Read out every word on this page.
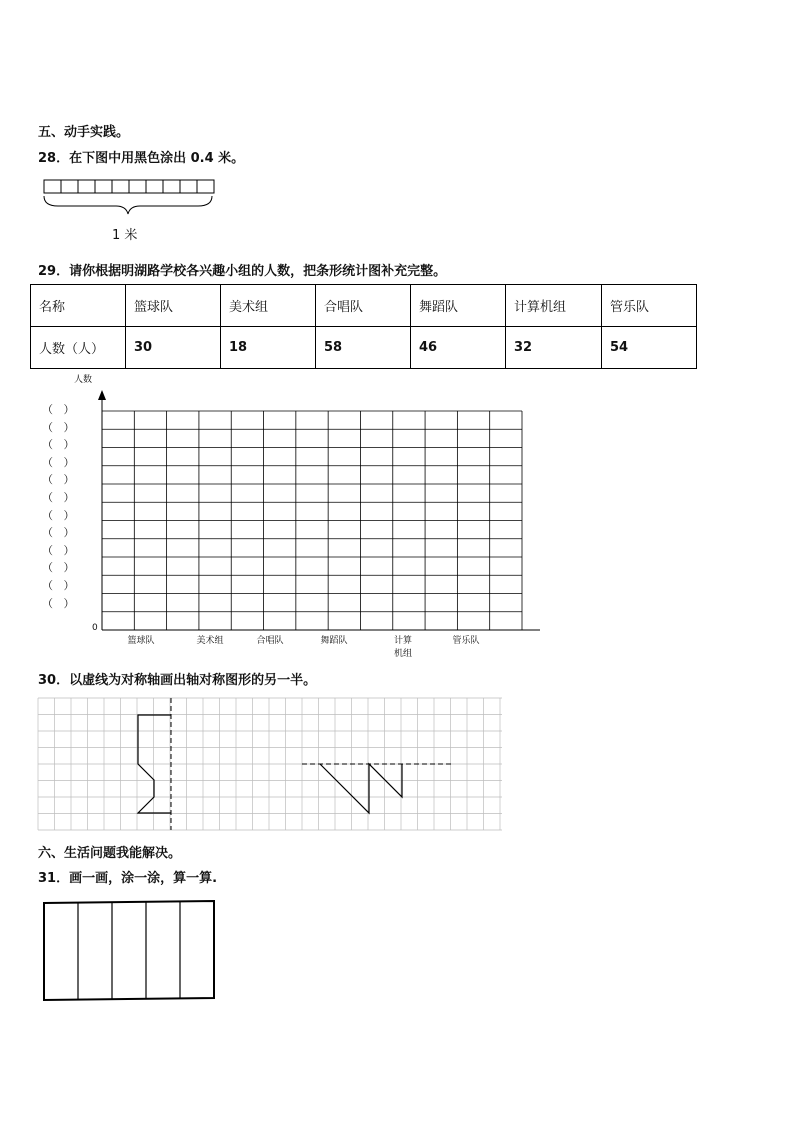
五、动手实践。
28．在下图中用黑色涂出 0.4 米。
1 米
29．请你根据明湖路学校各兴趣小组的人数，把条形统计图补充完整。
名称	篮球队	美术组	合唱队	舞蹈队	计算机组	管乐队
人数（人）	30	18	58	46	32	54
人数
0
（   ）
（   ）
（   ）
（   ）
（   ）
（   ）
（   ）
（   ）
（   ）
（   ）
（   ）
（   ）
篮球队	美术组	合唱队	舞蹈队	计算
机组
管乐队
30．以虚线为对称轴画出轴对称图形的另一半。
六、生活问题我能解决。
31．画一画，涂一涂，算一算.
